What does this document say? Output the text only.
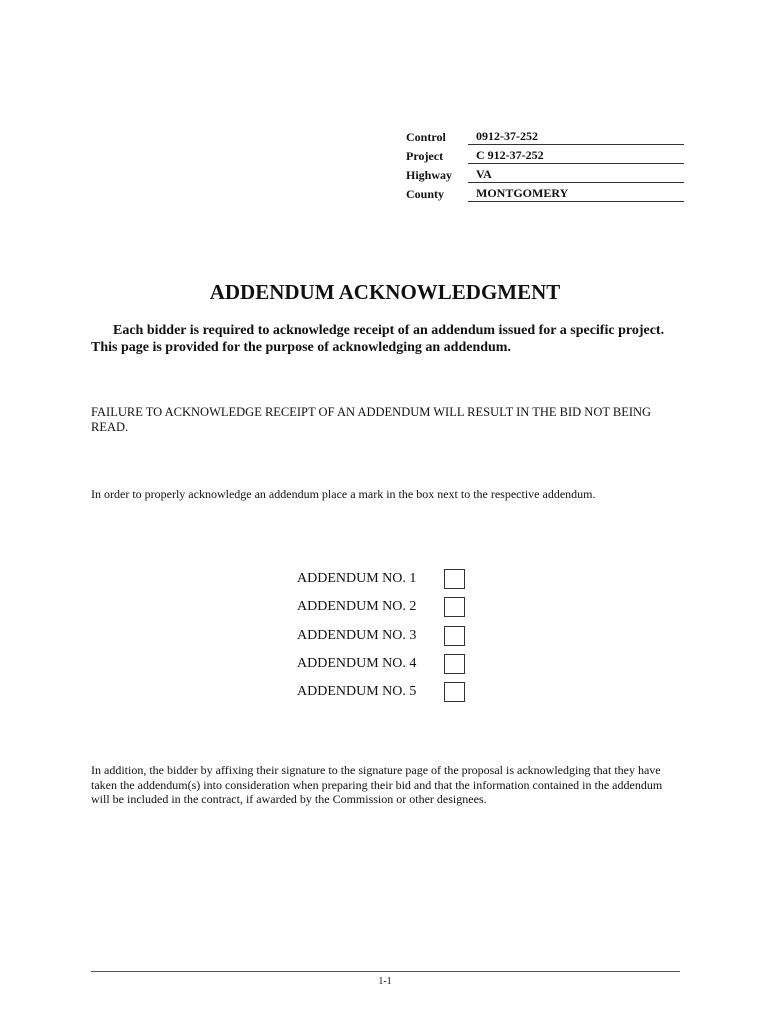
Control	0912-37-252
Project	C 912-37-252
Highway	VA
County	MONTGOMERY
ADDENDUM ACKNOWLEDGMENT

Each bidder is required to acknowledge receipt of an addendum issued for a specific project. This page is provided for the purpose of acknowledging an addendum.

FAILURE TO ACKNOWLEDGE RECEIPT OF AN ADDENDUM WILL RESULT IN THE BID NOT BEING READ.

In order to properly acknowledge an addendum place a mark in the box next to the respective addendum.

ADDENDUM NO. 1
ADDENDUM NO. 2
ADDENDUM NO. 3
ADDENDUM NO. 4
ADDENDUM NO. 5

In addition, the bidder by affixing their signature to the signature page of the proposal is acknowledging that they have taken the addendum(s) into consideration when preparing their bid and that the information contained in the addendum will be included in the contract, if awarded by the Commission or other designees.

1-1
